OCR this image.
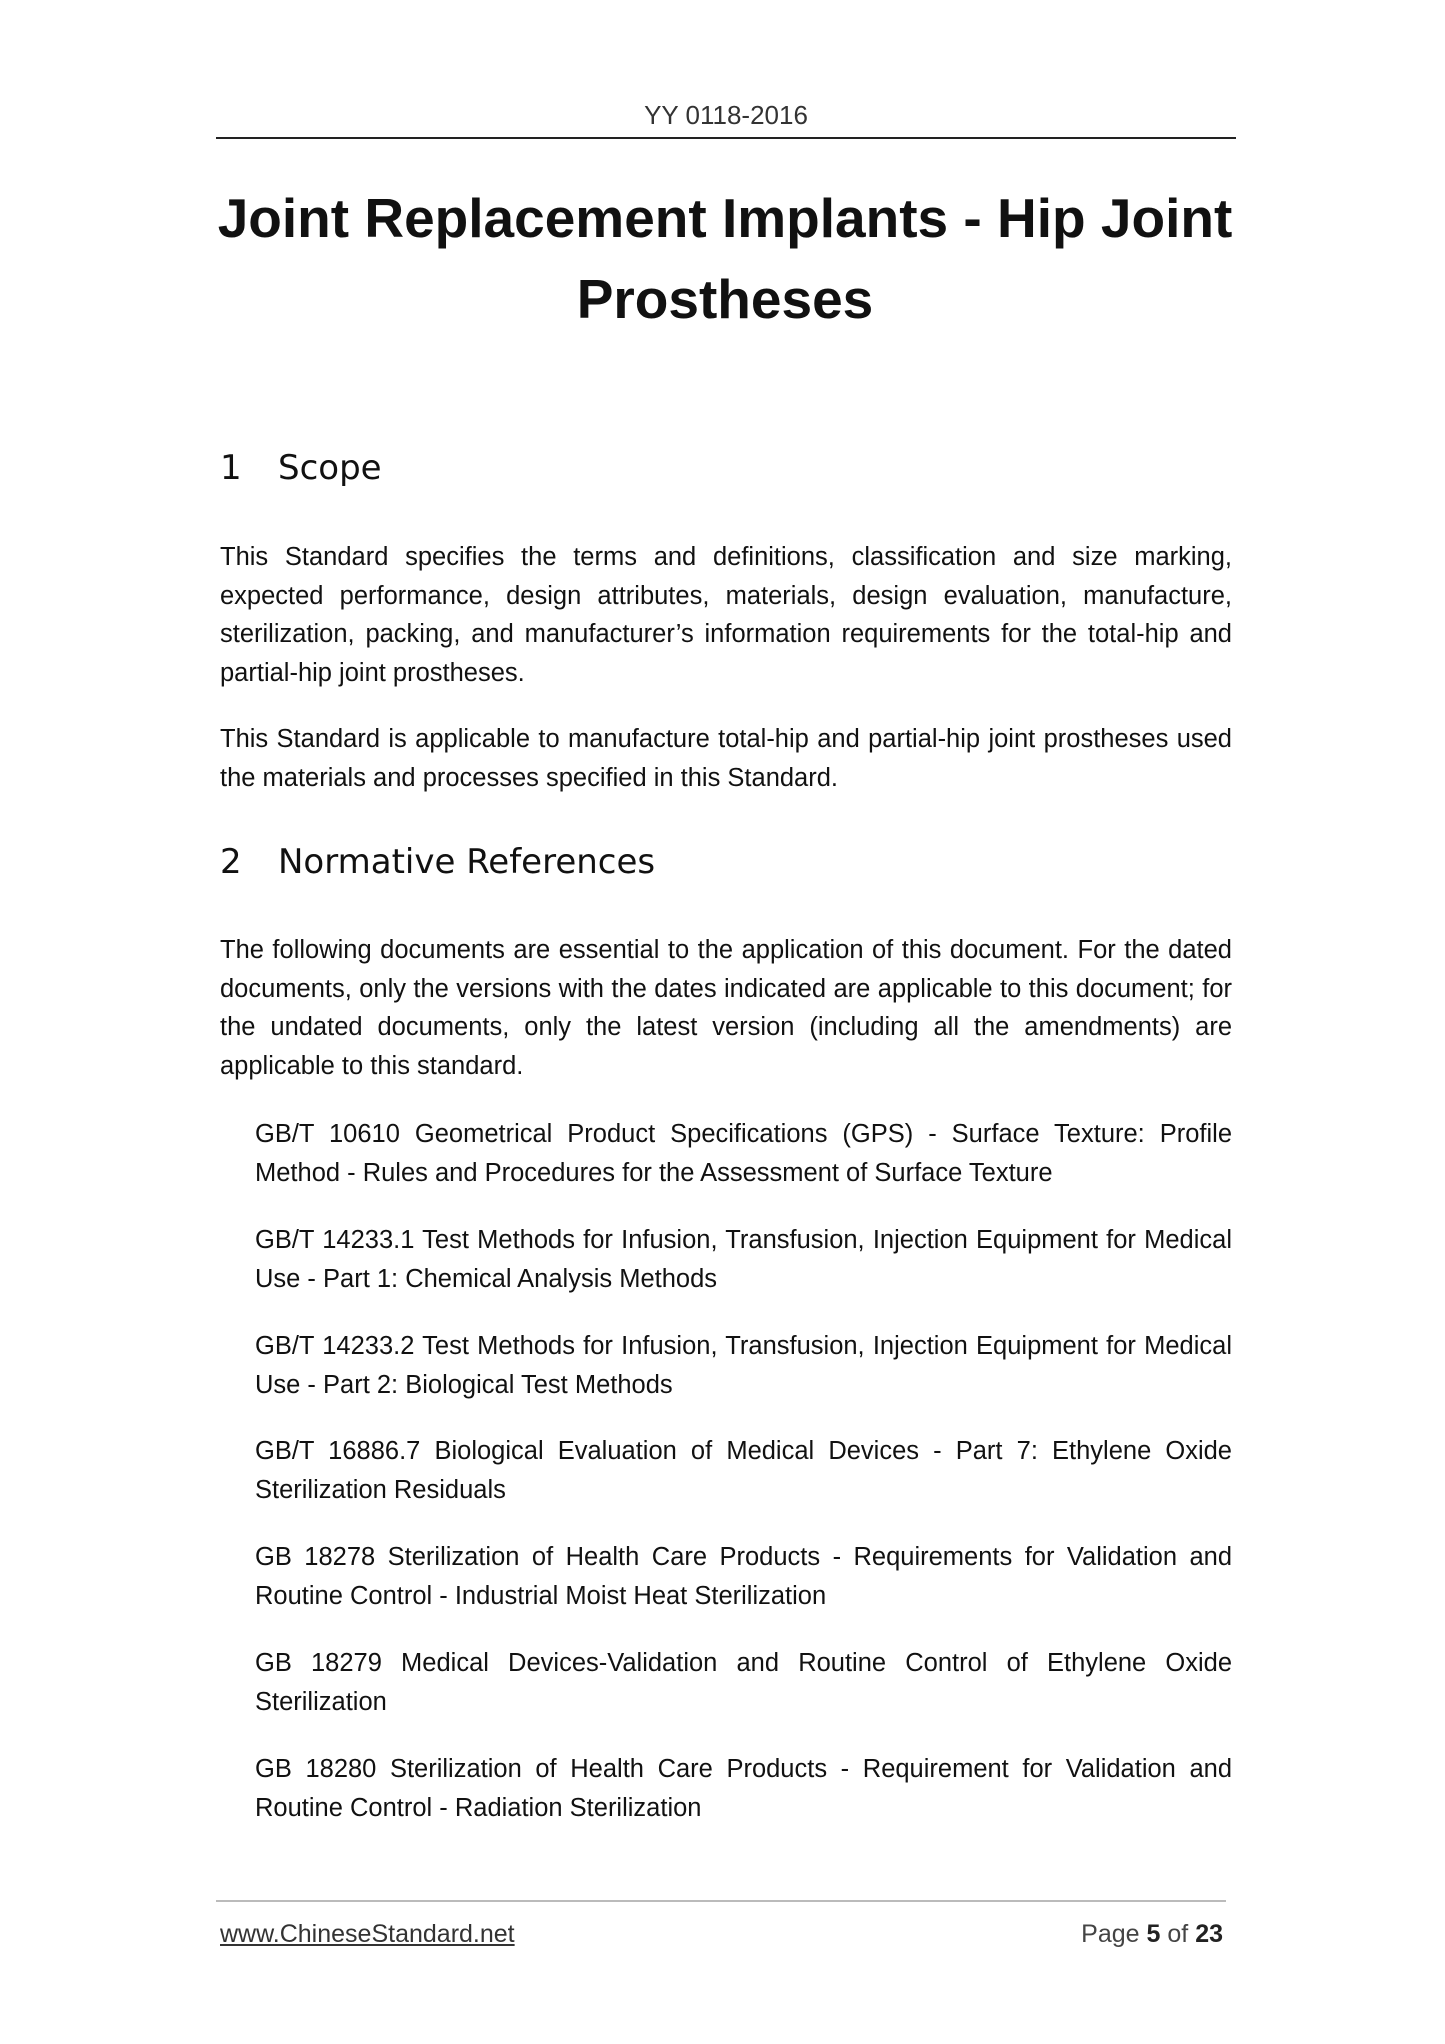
YY 0118-2016
Joint Replacement Implants - Hip Joint
Prostheses
1 Scope

This Standard specifies the terms and definitions, classification and size marking, expected performance, design attributes, materials, design evaluation, manufacture, sterilization, packing, and manufacturer’s information requirements for the total-hip and partial-hip joint prostheses.

This Standard is applicable to manufacture total-hip and partial-hip joint prostheses used the materials and processes specified in this Standard.

2 Normative References

The following documents are essential to the application of this document. For the dated documents, only the versions with the dates indicated are applicable to this document; for the undated documents, only the latest version (including all the amendments) are applicable to this standard.

GB/T 10610 Geometrical Product Specifications (GPS) - Surface Texture: Profile Method - Rules and Procedures for the Assessment of Surface Texture

GB/T 14233.1 Test Methods for Infusion, Transfusion, Injection Equipment for Medical Use - Part 1: Chemical Analysis Methods

GB/T 14233.2 Test Methods for Infusion, Transfusion, Injection Equipment for Medical Use - Part 2: Biological Test Methods

GB/T 16886.7 Biological Evaluation of Medical Devices - Part 7: Ethylene Oxide Sterilization Residuals

GB 18278 Sterilization of Health Care Products - Requirements for Validation and Routine Control - Industrial Moist Heat Sterilization

GB 18279 Medical Devices-Validation and Routine Control of Ethylene Oxide Sterilization

GB 18280 Sterilization of Health Care Products - Requirement for Validation and Routine Control - Radiation Sterilization

www.ChineseStandard.net	Page 5 of 23
